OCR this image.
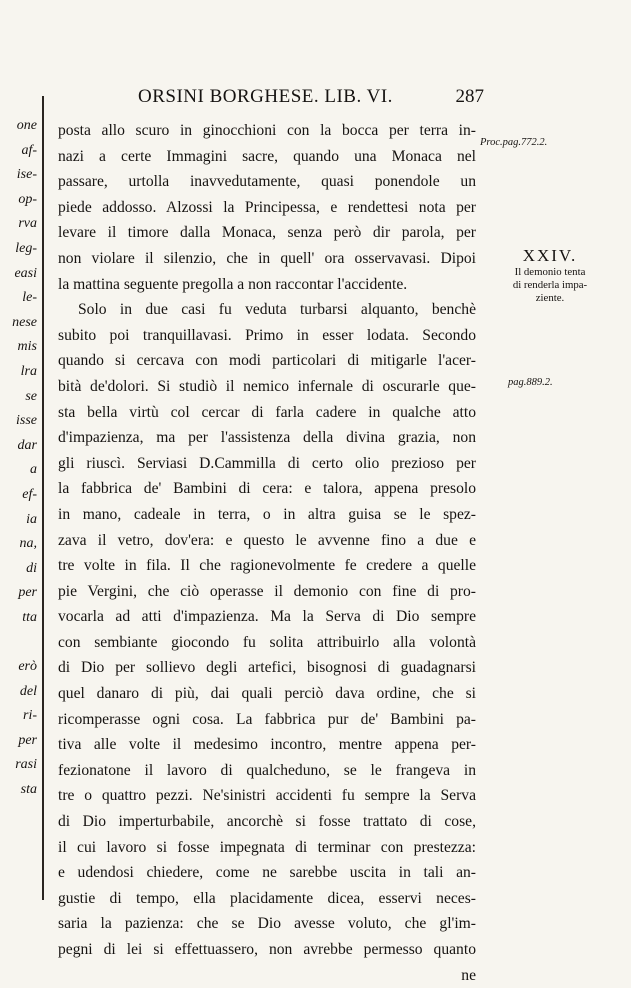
one
af-
ise-
op-
rva
leg-
easi
le-
nese
mis
lra
se
isse
dar
a
ef-
ia
na,
di
per
tta
erò
del
ri-
per
rasi
sta
ORSINI BORGHESE. LIB. VI.	287
posta allo scuro in ginocchioni con la bocca per terra in-
nazi a certe Immagini sacre, quando una Monaca nel
passare, urtolla inavvedutamente, quasi ponendole un
piede addosso. Alzossi la Principessa, e rendettesi nota per
levare il timore dalla Monaca, senza però dir parola, per
non violare il silenzio, che in quell' ora osservavasi. Dipoi
la mattina seguente pregolla a non raccontar l'accidente.
Solo in due casi fu veduta turbarsi alquanto, benchè
subito poi tranquillavasi. Primo in esser lodata. Secondo
quando si cercava con modi particolari di mitigarle l'acer-
bità de'dolori. Si studiò il nemico infernale di oscurarle que-
sta bella virtù col cercar di farla cadere in qualche atto
d'impazienza, ma per l'assistenza della divina grazia, non
gli riuscì. Serviasi D.Cammilla di certo olio prezioso per
la fabbrica de' Bambini di cera: e talora, appena presolo
in mano, cadeale in terra, o in altra guisa se le spez-
zava il vetro, dov'era: e questo le avvenne fino a due e
tre volte in fila. Il che ragionevolmente fe credere a quelle
pie Vergini, che ciò operasse il demonio con fine di pro-
vocarla ad atti d'impazienza. Ma la Serva di Dio sempre
con sembiante giocondo fu solita attribuirlo alla volontà
di Dio per sollievo degli artefici, bisognosi di guadagnarsi
quel danaro di più, dai quali perciò dava ordine, che si
ricomperasse ogni cosa. La fabbrica pur de' Bambini pa-
tiva alle volte il medesimo incontro, mentre appena per-
fezionatone il lavoro di qualcheduno, se le frangeva in
tre o quattro pezzi. Ne'sinistri accidenti fu sempre la Serva
di Dio imperturbabile, ancorchè si fosse trattato di cose,
il cui lavoro si fosse impegnata di terminar con prestezza:
e udendosi chiedere, come ne sarebbe uscita in tali an-
gustie di tempo, ella placidamente dicea, esservi neces-
saria la pazienza: che se Dio avesse voluto, che gl'im-
pegni di lei si effettuassero, non avrebbe permesso quanto
ne
Proc.pag.772.2.
XXIV.
Il demonio tenta
di renderla impa-
ziente.
pag.889.2.
